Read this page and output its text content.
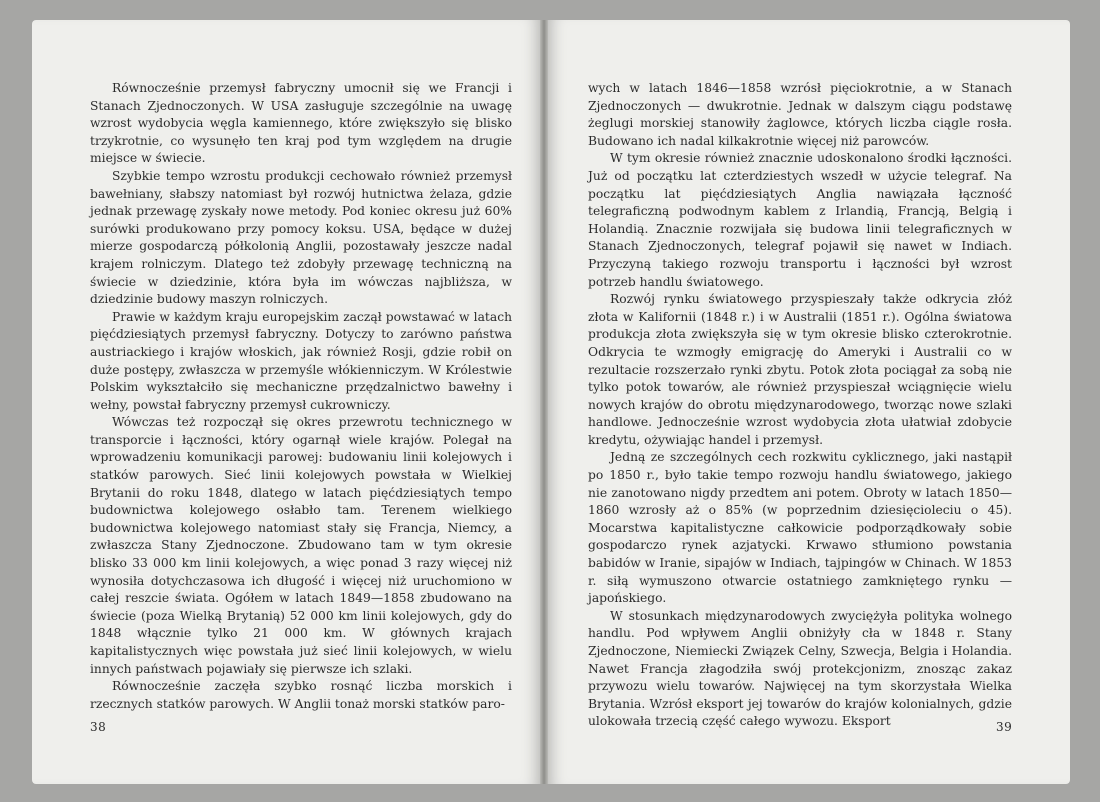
Równocześnie przemysł fabryczny umocnił się we Francji i Stanach Zjednoczonych. W USA zasługuje szczególnie na uwagę wzrost wydobycia węgla kamiennego, które zwiększyło się blisko trzykrotnie, co wysunęło ten kraj pod tym względem na drugie miejsce w świecie.

Szybkie tempo wzrostu produkcji cechowało również przemysł bawełniany, słabszy natomiast był rozwój hutnictwa żelaza, gdzie jednak przewagę zyskały nowe metody. Pod koniec okresu już 60% surówki produkowano przy pomocy koksu. USA, będące w dużej mierze gospodarczą półkolonią Anglii, pozostawały jeszcze nadal krajem rolniczym. Dlatego też zdobyły przewagę techniczną na świecie w dziedzinie, która była im wówczas najbliższa, w dziedzinie budowy maszyn rolniczych.

Prawie w każdym kraju europejskim zaczął powstawać w latach pięćdziesiątych przemysł fabryczny. Dotyczy to zarówno państwa austriackiego i krajów włoskich, jak również Rosji, gdzie robił on duże postępy, zwłaszcza w przemyśle włókienniczym. W Królestwie Polskim wykształciło się mechaniczne przędzalnictwo bawełny i wełny, powstał fabryczny przemysł cukrowniczy.

Wówczas też rozpoczął się okres przewrotu technicznego w transporcie i łączności, który ogarnął wiele krajów. Polegał na wprowadzeniu komunikacji parowej: budowaniu linii kolejowych i statków parowych. Sieć linii kolejowych powstała w Wielkiej Brytanii do roku 1848, dlatego w latach pięćdziesiątych tempo budownictwa kolejowego osłabło tam. Terenem wielkiego budownictwa kolejowego natomiast stały się Francja, Niemcy, a zwłaszcza Stany Zjednoczone. Zbudowano tam w tym okresie blisko 33 000 km linii kolejowych, a więc ponad 3 razy więcej niż wynosiła dotychczasowa ich długość i więcej niż uruchomiono w całej reszcie świata. Ogółem w latach 1849—1858 zbudowano na świecie (poza Wielką Brytanią) 52 000 km linii kolejowych, gdy do 1848 włącznie tylko 21 000 km. W głównych krajach kapitalistycznych więc powstała już sieć linii kolejowych, w wielu innych państwach pojawiały się pierwsze ich szlaki.

Równocześnie zaczęła szybko rosnąć liczba morskich i rzecznych statków parowych. W Anglii tonaż morski statków paro-

38

wych w latach 1846—1858 wzrósł pięciokrotnie, a w Stanach Zjednoczonych — dwukrotnie. Jednak w dalszym ciągu podstawę żeglugi morskiej stanowiły żaglowce, których liczba ciągle rosła. Budowano ich nadal kilkakrotnie więcej niż parowców.

W tym okresie również znacznie udoskonalono środki łączności. Już od początku lat czterdziestych wszedł w użycie telegraf. Na początku lat pięćdziesiątych Anglia nawiązała łączność telegraficzną podwodnym kablem z Irlandią, Francją, Belgią i Holandią. Znacznie rozwijała się budowa linii telegraficznych w Stanach Zjednoczonych, telegraf pojawił się nawet w Indiach. Przyczyną takiego rozwoju transportu i łączności był wzrost potrzeb handlu światowego.

Rozwój rynku światowego przyspieszały także odkrycia złóż złota w Kalifornii (1848 r.) i w Australii (1851 r.). Ogólna światowa produkcja złota zwiększyła się w tym okresie blisko czterokrotnie. Odkrycia te wzmogły emigrację do Ameryki i Australii co w rezultacie rozszerzało rynki zbytu. Potok złota pociągał za sobą nie tylko potok towarów, ale również przyspieszał wciągnięcie wielu nowych krajów do obrotu międzynarodowego, tworząc nowe szlaki handlowe. Jednocześnie wzrost wydobycia złota ułatwiał zdobycie kredytu, ożywiając handel i przemysł.

Jedną ze szczególnych cech rozkwitu cyklicznego, jaki nastąpił po 1850 r., było takie tempo rozwoju handlu światowego, jakiego nie zanotowano nigdy przedtem ani potem. Obroty w latach 1850—1860 wzrosły aż o 85% (w poprzednim dziesięcioleciu o 45). Mocarstwa kapitalistyczne całkowicie podporządkowały sobie gospodarczo rynek azjatycki. Krwawo stłumiono powstania babidów w Iranie, sipajów w Indiach, tajpingów w Chinach. W 1853 r. siłą wymuszono otwarcie ostatniego zamkniętego rynku — japońskiego.

W stosunkach międzynarodowych zwyciężyła polityka wolnego handlu. Pod wpływem Anglii obniżyły cła w 1848 r. Stany Zjednoczone, Niemiecki Związek Celny, Szwecja, Belgia i Holandia. Nawet Francja złagodziła swój protekcjonizm, znosząc zakaz przywozu wielu towarów. Najwięcej na tym skorzystała Wielka Brytania. Wzrósł eksport jej towarów do krajów kolonialnych, gdzie ulokowała trzecią część całego wywozu. Eksport	39
